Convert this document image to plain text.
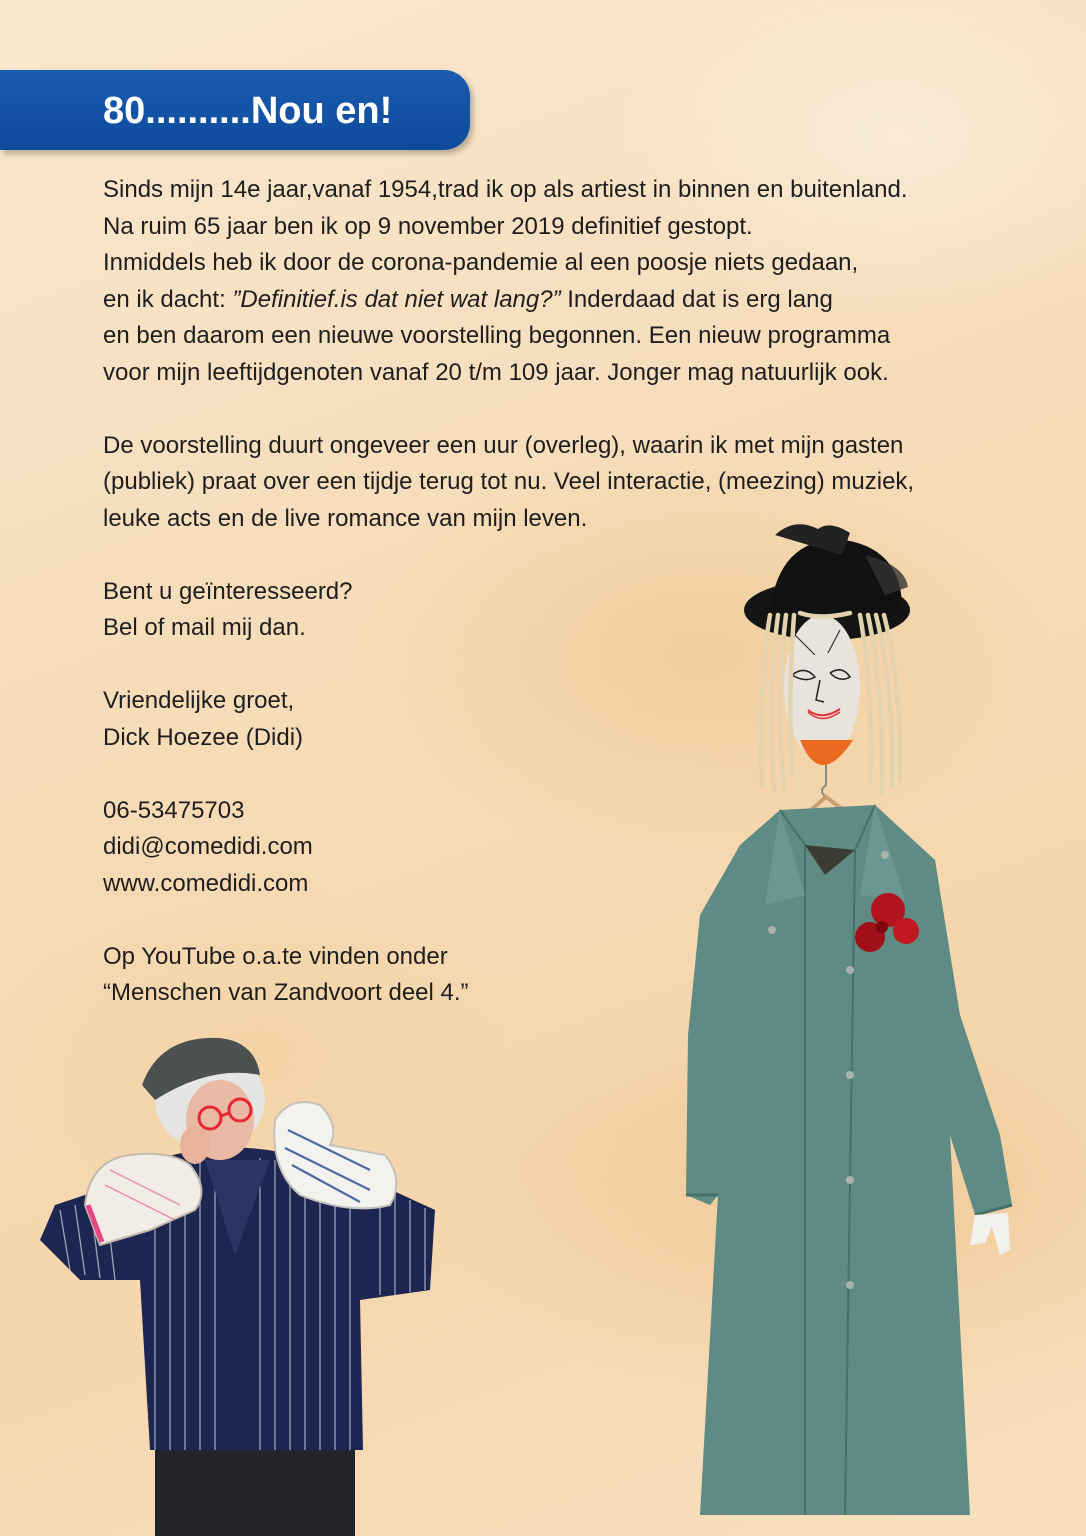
80..........Nou en!

Sinds mijn 14e jaar,vanaf 1954,trad ik op als artiest in binnen en buitenland.
Na ruim 65 jaar ben ik op 9 november 2019 definitief gestopt.
Inmiddels heb ik door de corona-pandemie al een poosje niets gedaan,
en ik dacht: ”Definitief.is dat niet wat lang?” Inderdaad dat is erg lang
en ben daarom een nieuwe voorstelling begonnen. Een nieuw programma
voor mijn leeftijdgenoten vanaf 20 t/m 109 jaar. Jonger mag natuurlijk ook.

De voorstelling duurt ongeveer een uur (overleg), waarin ik met mijn gasten
(publiek) praat over een tijdje terug tot nu. Veel interactie, (meezing) muziek,
leuke acts en de live romance van mijn leven.

Bent u geïnteresseerd?
Bel of mail mij dan.

Vriendelijke groet,
Dick Hoezee (Didi)

06-53475703
didi@comedidi.com
www.comedidi.com

Op YouTube o.a.te vinden onder
“Menschen van Zandvoort deel 4.”
